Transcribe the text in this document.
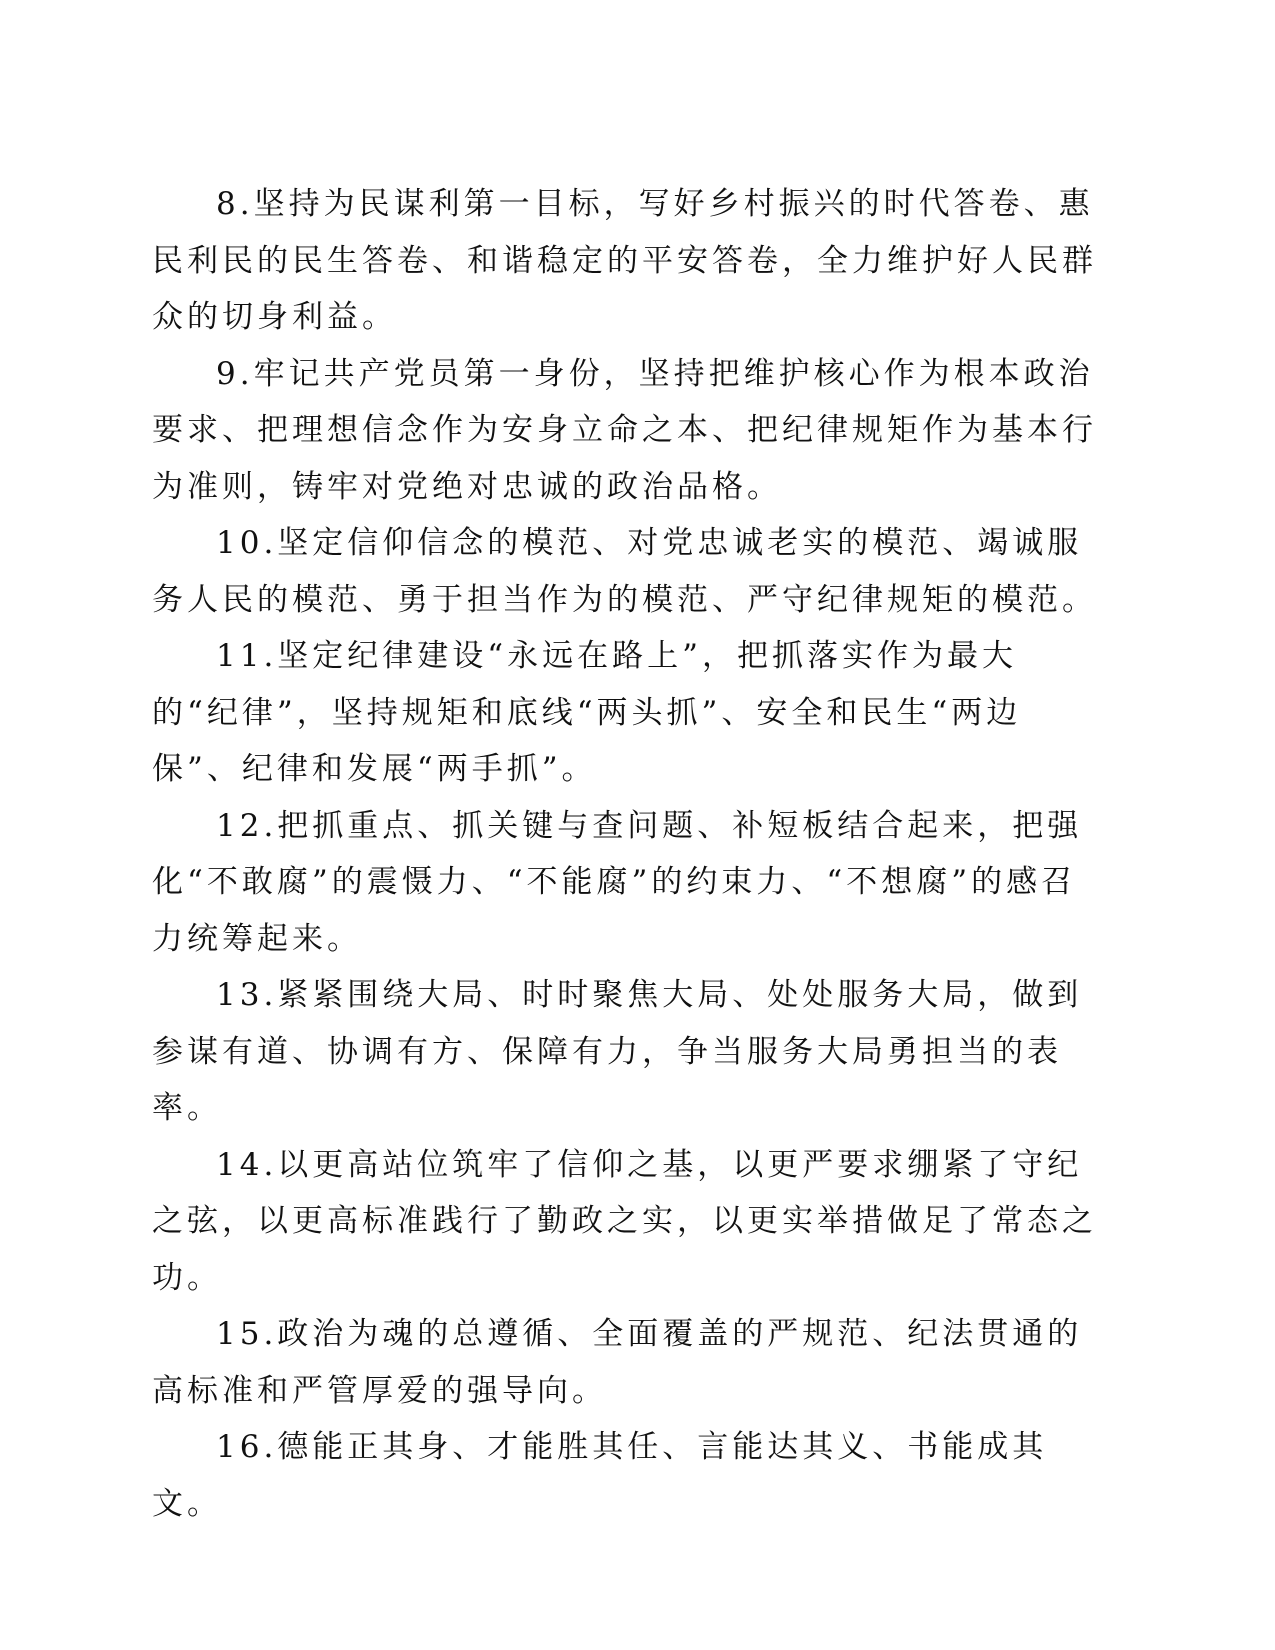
8.坚持为民谋利第一目标，写好乡村振兴的时代答卷、惠民利民的民生答卷、和谐稳定的平安答卷，全力维护好人民群众的切身利益。

9.牢记共产党员第一身份，坚持把维护核心作为根本政治要求、把理想信念作为安身立命之本、把纪律规矩作为基本行为准则，铸牢对党绝对忠诚的政治品格。

10.坚定信仰信念的模范、对党忠诚老实的模范、竭诚服务人民的模范、勇于担当作为的模范、严守纪律规矩的模范。

11.坚定纪律建设“永远在路上”，把抓落实作为最大的“纪律”，坚持规矩和底线“两头抓”、安全和民生“两边保”、纪律和发展“两手抓”。

12.把抓重点、抓关键与查问题、补短板结合起来，把强化“不敢腐”的震慑力、“不能腐”的约束力、“不想腐”的感召力统筹起来。

13.紧紧围绕大局、时时聚焦大局、处处服务大局，做到参谋有道、协调有方、保障有力，争当服务大局勇担当的表率。

14.以更高站位筑牢了信仰之基，以更严要求绷紧了守纪之弦，以更高标准践行了勤政之实，以更实举措做足了常态之功。

15.政治为魂的总遵循、全面覆盖的严规范、纪法贯通的高标准和严管厚爱的强导向。

16.德能正其身、才能胜其任、言能达其义、书能成其文。
